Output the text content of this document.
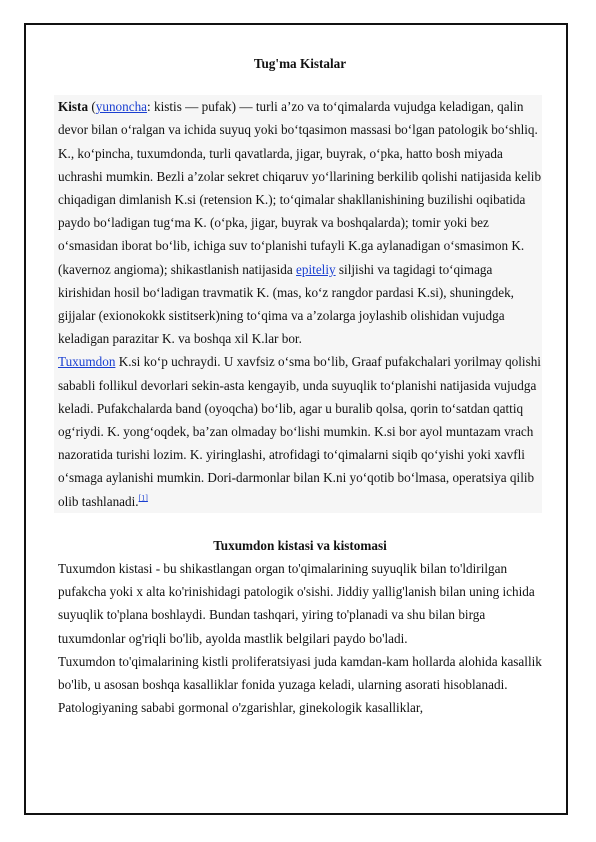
Tug'ma Kistalar

Kista (yunoncha: kistis — pufak) — turli a’zo va to‘qimalarda vujudga keladigan, qalin devor bilan o‘ralgan va ichida suyuq yoki bo‘tqasimon massasi bo‘lgan patologik bo‘shliq. K., ko‘pincha, tuxumdonda, turli qavatlarda, jigar, buyrak, o‘pka, hatto bosh miyada uchrashi mumkin. Bezli a’zolar sekret chiqaruv yo‘llarining berkilib qolishi natijasida kelib chiqadigan dimlanish K.si (retension K.); to‘qimalar shakllanishining buzilishi oqibatida paydo bo‘ladigan tug‘ma K. (o‘pka, jigar, buyrak va boshqalarda); tomir yoki bez o‘smasidan iborat bo‘lib, ichiga suv to‘planishi tufayli K.ga aylanadigan o‘smasimon K. (kavernoz angioma); shikastlanish natijasida epiteliy siljishi va tagidagi to‘qimaga kirishidan hosil bo‘ladigan travmatik K. (mas, ko‘z rangdor pardasi K.si), shuningdek, gijjalar (exionokokk sistitserk)ning to‘qima va a’zolarga joylashib olishidan vujudga keladigan parazitar K. va boshqa xil K.lar bor.

Tuxumdon K.si ko‘p uchraydi. U xavfsiz o‘sma bo‘lib, Graaf pufakchalari yorilmay qolishi sababli follikul devorlari sekin-asta kengayib, unda suyuqlik to‘planishi natijasida vujudga keladi. Pufakchalarda band (oyoqcha) bo‘lib, agar u buralib qolsa, qorin to‘satdan qattiq og‘riydi. K. yong‘oqdek, ba’zan olmaday bo‘lishi mumkin. K.si bor ayol muntazam vrach nazoratida turishi lozim. K. yiringlashi, atrofidagi to‘qimalarni siqib qo‘yishi yoki xavfli o‘smaga aylanishi mumkin. Dori-darmonlar bilan K.ni yo‘qotib bo‘lmasa, operatsiya qilib olib tashlanadi.[1]

Tuxumdon kistasi va kistomasi

Tuxumdon kistasi - bu shikastlangan organ to'qimalarining suyuqlik bilan to'ldirilgan pufakcha yoki x alta ko'rinishidagi patologik o'sishi. Jiddiy yallig'lanish bilan uning ichida suyuqlik to'plana boshlaydi. Bundan tashqari, yiring to'planadi va shu bilan birga tuxumdonlar og'riqli bo'lib, ayolda mastlik belgilari paydo bo'ladi.

Tuxumdon to'qimalarining kistli proliferatsiyasi juda kamdan-kam hollarda alohida kasallik bo'lib, u asosan boshqa kasalliklar fonida yuzaga keladi, ularning asorati hisoblanadi. Patologiyaning sababi gormonal o'zgarishlar, ginekologik kasalliklar,
